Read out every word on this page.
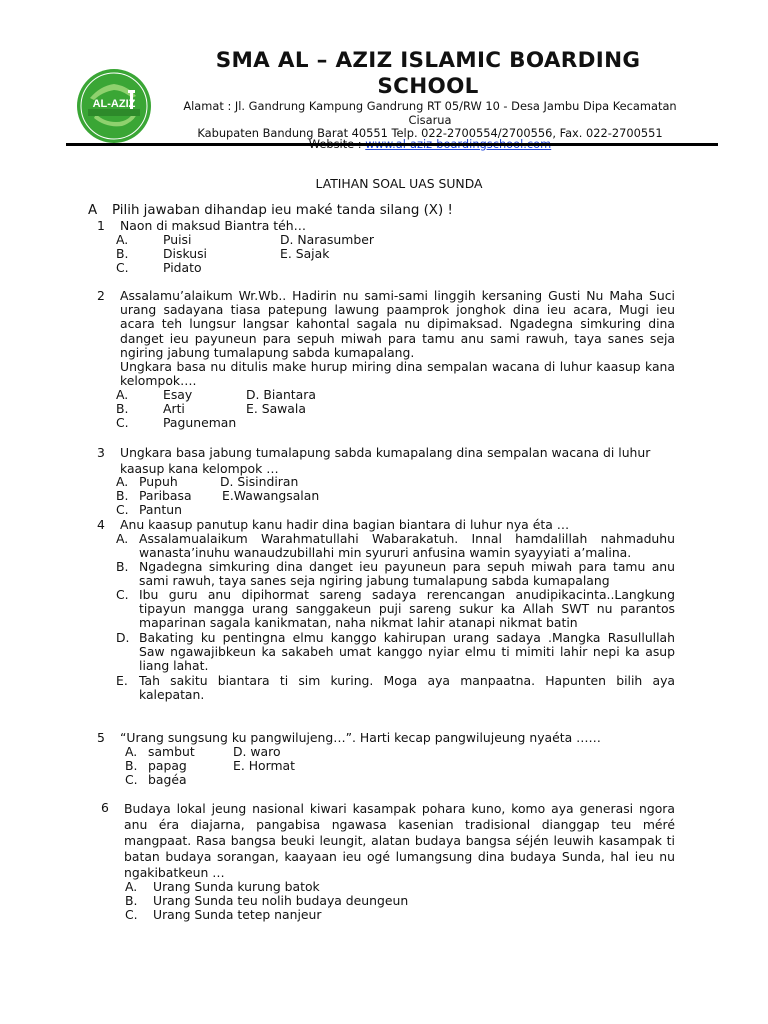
AL-AZIZ
SMA AL – AZIZ ISLAMIC BOARDING
SCHOOL
Alamat : Jl. Gandrung Kampung Gandrung RT 05/RW 10 - Desa Jambu Dipa Kecamatan
Cisarua
Kabupaten Bandung Barat 40551 Telp. 022-2700554/2700556, Fax. 022-2700551
LATIHAN SOAL UAS SUNDA
A Pilih jawaban dihandap ieu maké tanda silang (X) !
1 Naon di maksud Biantra téh…
A.	Puisi	D. Narasumber
B.	Diskusi	E. Sajak
C.	Pidato
2 Assalamu’alaikum Wr.Wb.. Hadirin nu sami-sami linggih kersaning Gusti Nu Maha Suci urang sadayana tiasa patepung lawung paamprok jonghok dina ieu acara, Mugi ieu acara teh lungsur langsar kahontal sagala nu dipimaksad. Ngadegna simkuring dina danget ieu payuneun para sepuh miwah para tamu anu sami rawuh, taya sanes seja ngiring jabung tumalapung sabda kumapalang.
Ungkara basa nu ditulis make hurup miring dina sempalan wacana di luhur kaasup kana kelompok….
A.	Esay	D. Biantara
B.	Arti	E. Sawala
C.	Paguneman
3 Ungkara basa jabung tumalapung sabda kumapalang dina sempalan wacana di luhur
kaasup kana kelompok …
A. Pupuh	D. Sisindiran
B. Paribasa E.Wawangsalan
C. Pantun
4 Anu kaasup panutup kanu hadir dina bagian biantara di luhur nya éta …
A. Assalamualaikum Warahmatullahi Wabarakatuh. Innal hamdalillah nahmaduhu wanasta’inuhu wanaudzubillahi min syururi anfusina wamin syayyiati a’malina.
B. Ngadegna simkuring dina danget ieu payuneun para sepuh miwah para tamu anu sami rawuh, taya sanes seja ngiring jabung tumalapung sabda kumapalang
C. Ibu guru anu dipihormat sareng sadaya rerencangan anudipikacinta..Langkung tipayun mangga urang sanggakeun puji sareng sukur ka Allah SWT nu parantos maparinan sagala kanikmatan, naha nikmat lahir atanapi nikmat batin
D. Bakating ku pentingna elmu kanggo kahirupan urang sadaya .Mangka Rasullullah Saw ngawajibkeun ka sakabeh umat kanggo nyiar elmu ti mimiti lahir nepi ka asup liang lahat.
E. Tah sakitu biantara ti sim kuring. Moga aya manpaatna. Hapunten bilih aya kalepatan.
5 “Urang sungsung ku pangwilujeng…”. Harti kecap pangwilujeung nyaéta ……
A. sambut	D. waro
B. papag	E. Hormat
C. bagéa
6 Budaya lokal jeung nasional kiwari kasampak pohara kuno, komo aya generasi ngora anu éra diajarna, pangabisa ngawasa kasenian tradisional dianggap teu méré mangpaat. Rasa bangsa beuki leungit, alatan budaya bangsa séjén leuwih kasampak ti batan budaya sorangan, kaayaan ieu ogé lumangsung dina budaya Sunda, hal ieu nu ngakibatkeun …
A. Urang Sunda kurung batok
B. Urang Sunda teu nolih budaya deungeun
C. Urang Sunda tetep nanjeur
